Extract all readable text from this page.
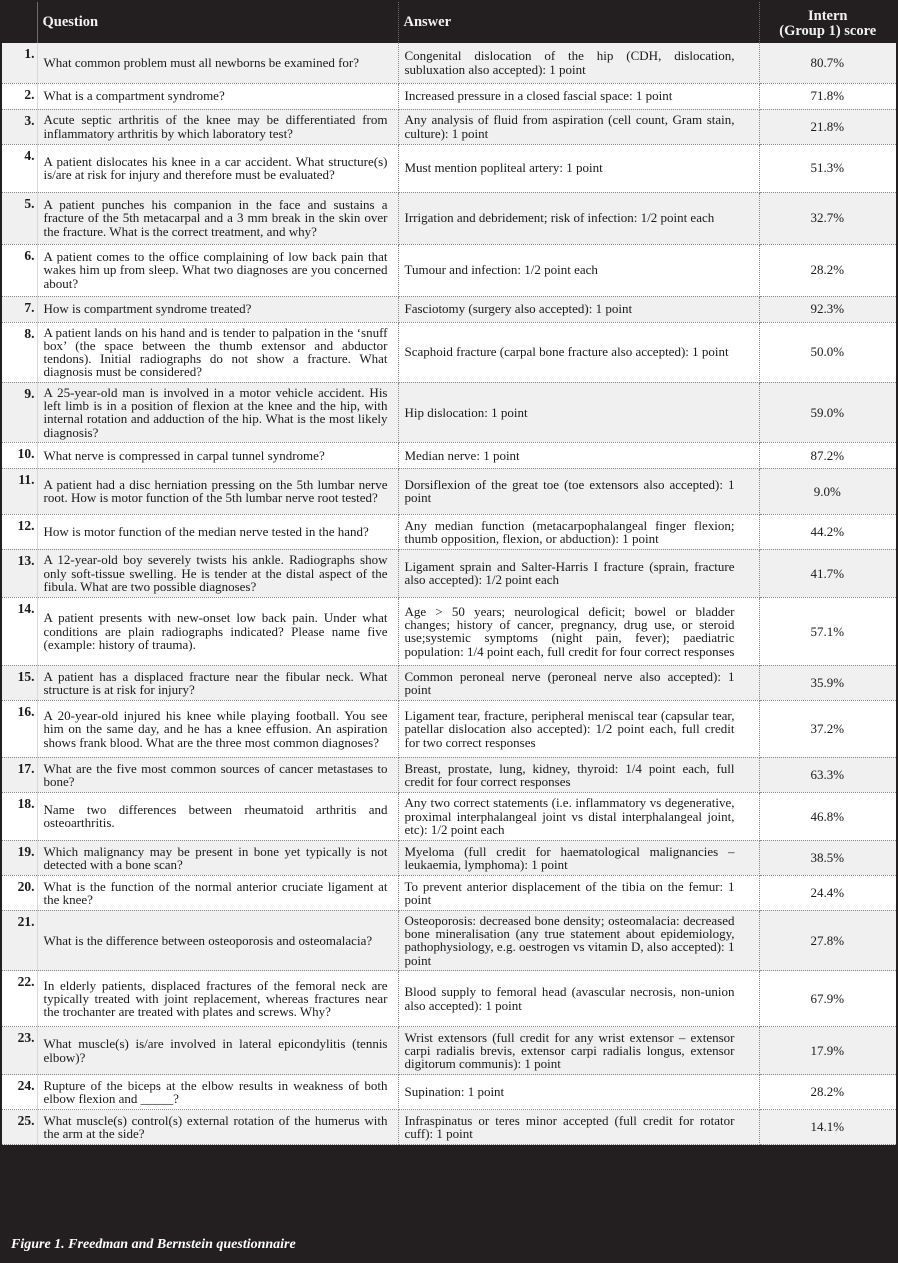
	Question	Answer	Intern
(Group 1) score

1.	What common problem must all newborns be examined for?	Congenital dislocation of the hip (CDH, dislocation, subluxation also accepted): 1 point	80.7%
2.	What is a compartment syndrome?	Increased pressure in a closed fascial space: 1 point	71.8%
3.	Acute septic arthritis of the knee may be differentiated from inflammatory arthritis by which laboratory test?	Any analysis of fluid from aspiration (cell count, Gram stain, culture): 1 point	21.8%
4.	A patient dislocates his knee in a car accident. What structure(s) is/are at risk for injury and therefore must be evaluated?	Must mention popliteal artery: 1 point	51.3%
5.	A patient punches his companion in the face and sustains a fracture of the 5th metacarpal and a 3 mm break in the skin over the fracture. What is the correct treatment, and why?	Irrigation and debridement; risk of infection: 1/2 point each	32.7%
6.	A patient comes to the office complaining of low back pain that wakes him up from sleep. What two diagnoses are you concerned about?	Tumour and infection: 1/2 point each	28.2%
7.	How is compartment syndrome treated?	Fasciotomy (surgery also accepted): 1 point	92.3%
8.	A patient lands on his hand and is tender to palpation in the ‘snuff box’ (the space between the thumb extensor and abductor tendons). Initial radiographs do not show a fracture. What diagnosis must be considered?	Scaphoid fracture (carpal bone fracture also accepted): 1 point	50.0%
9.	A 25-year-old man is involved in a motor vehicle accident. His left limb is in a position of flexion at the knee and the hip, with internal rotation and adduction of the hip. What is the most likely diagnosis?	Hip dislocation: 1 point	59.0%
10.	What nerve is compressed in carpal tunnel syndrome?	Median nerve: 1 point	87.2%
11.	A patient had a disc herniation pressing on the 5th lumbar nerve root. How is motor function of the 5th lumbar nerve root tested?	Dorsiflexion of the great toe (toe extensors also accepted): 1 point	9.0%
12.	How is motor function of the median nerve tested in the hand?	Any median function (metacarpophalangeal finger flexion; thumb opposition, flexion, or abduction): 1 point	44.2%
13.	A 12-year-old boy severely twists his ankle. Radiographs show only soft-tissue swelling. He is tender at the distal aspect of the fibula. What are two possible diagnoses?	Ligament sprain and Salter-Harris I fracture (sprain, fracture also accepted): 1/2 point each	41.7%
14.	A patient presents with new-onset low back pain. Under what conditions are plain radiographs indicated? Please name five (example: history of trauma).	Age > 50 years; neurological deficit; bowel or bladder changes; history of cancer, pregnancy, drug use, or steroid use;systemic symptoms (night pain, fever); paediatric population: 1/4 point each, full credit for four correct responses	57.1%
15.	A patient has a displaced fracture near the fibular neck. What structure is at risk for injury?	Common peroneal nerve (peroneal nerve also accepted): 1 point	35.9%
16.	A 20-year-old injured his knee while playing football. You see him on the same day, and he has a knee effusion. An aspiration shows frank blood. What are the three most common diagnoses?	Ligament tear, fracture, peripheral meniscal tear (capsular tear, patellar dislocation also accepted): 1/2 point each, full credit for two correct responses	37.2%
17.	What are the five most common sources of cancer metastases to bone?	Breast, prostate, lung, kidney, thyroid: 1/4 point each, full credit for four correct responses	63.3%
18.	Name two differences between rheumatoid arthritis and osteoarthritis.	Any two correct statements (i.e. inflammatory vs degenerative, proximal interphalangeal joint vs distal interphalangeal joint, etc): 1/2 point each	46.8%
19.	Which malignancy may be present in bone yet typically is not detected with a bone scan?	Myeloma (full credit for haematological malignancies – leukaemia, lymphoma): 1 point	38.5%
20.	What is the function of the normal anterior cruciate ligament at the knee?	To prevent anterior displacement of the tibia on the femur: 1 point	24.4%
21.	What is the difference between osteoporosis and osteomalacia?	Osteoporosis: decreased bone density; osteomalacia: decreased bone mineralisation (any true statement about epidemiology, pathophysiology, e.g. oestrogen vs vitamin D, also accepted): 1 point	27.8%
22.	In elderly patients, displaced fractures of the femoral neck are typically treated with joint replacement, whereas fractures near the trochanter are treated with plates and screws. Why?	Blood supply to femoral head (avascular necrosis, non-union also accepted): 1 point	67.9%
23.	What muscle(s) is/are involved in lateral epicondylitis (tennis elbow)?	Wrist extensors (full credit for any wrist extensor – extensor carpi radialis brevis, extensor carpi radialis longus, extensor digitorum communis): 1 point	17.9%
24.	Rupture of the biceps at the elbow results in weakness of both elbow flexion and _____?	Supination: 1 point	28.2%
25.	What muscle(s) control(s) external rotation of the humerus with the arm at the side?	Infraspinatus or teres minor accepted (full credit for rotator cuff): 1 point	14.1%
Figure 1. Freedman and Bernstein questionnaire
